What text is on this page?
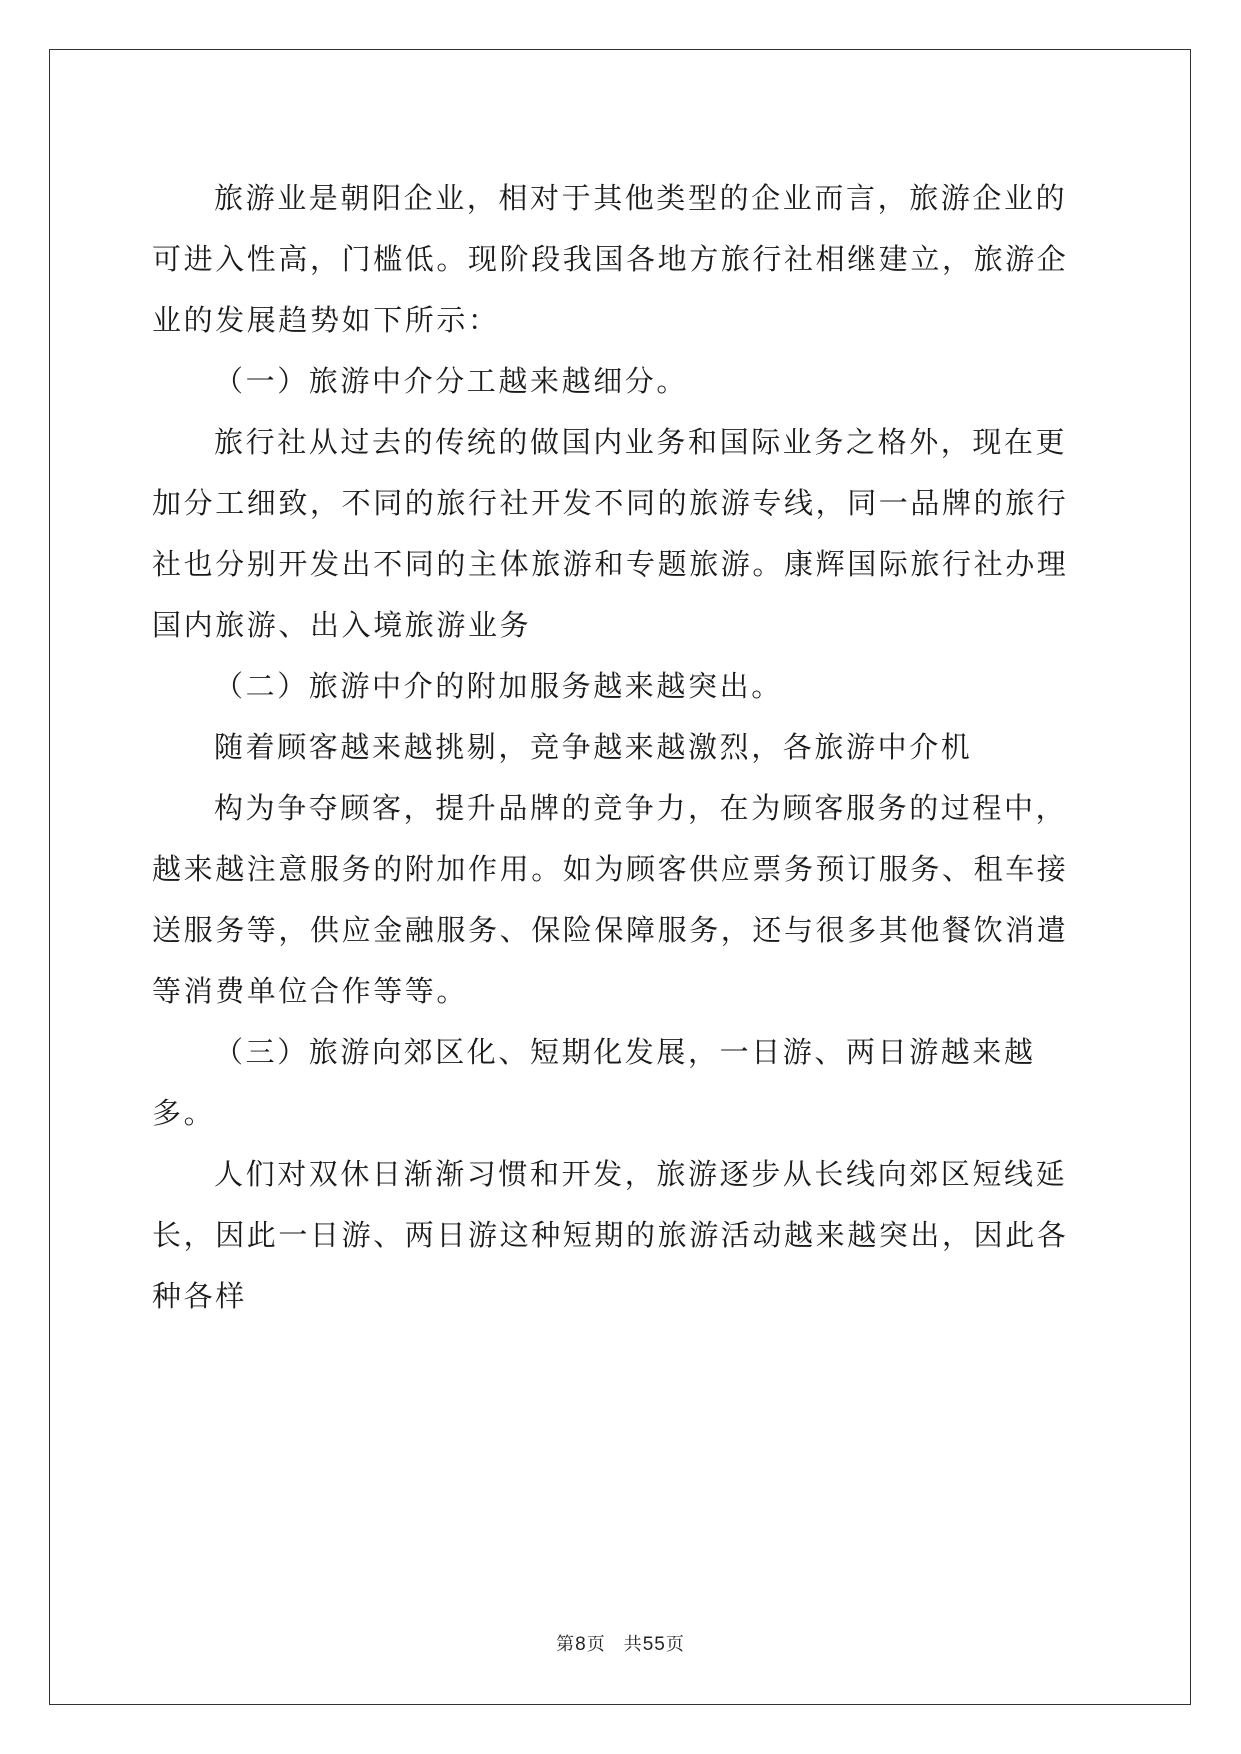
旅游业是朝阳企业，相对于其他类型的企业而言，旅游企业的可进入性高，门槛低。现阶段我国各地方旅行社相继建立，旅游企业的发展趋势如下所示：

（一）旅游中介分工越来越细分。

旅行社从过去的传统的做国内业务和国际业务之格外，现在更加分工细致，不同的旅行社开发不同的旅游专线，同一品牌的旅行社也分别开发出不同的主体旅游和专题旅游。康辉国际旅行社办理国内旅游、出入境旅游业务

（二）旅游中介的附加服务越来越突出。

随着顾客越来越挑剔，竞争越来越激烈，各旅游中介机

构为争夺顾客，提升品牌的竞争力，在为顾客服务的过程中，越来越注意服务的附加作用。如为顾客供应票务预订服务、租车接送服务等，供应金融服务、保险保障服务，还与很多其他餐饮消遣等消费单位合作等等。

（三）旅游向郊区化、短期化发展，一日游、两日游越来越多。

人们对双休日渐渐习惯和开发，旅游逐步从长线向郊区短线延长，因此一日游、两日游这种短期的旅游活动越来越突出，因此各种各样

第8页 共55页
